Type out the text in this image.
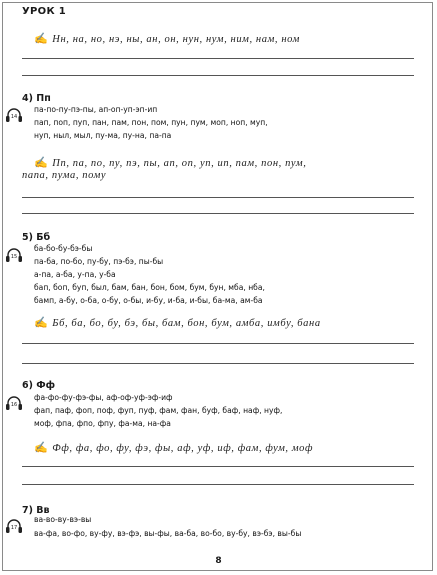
УРОК 1
✍ Нн, на, но, нэ, ны, ан, он, нун, нум, ним, нам, ном
4) Пп
14
па-по-пу-пэ-пы, ап-оп-уп-эп-ип
пап, поп, пуп, пан, пам, пон, пом, пун, пум, моп, ноп, муп,
нуп, ныл, мыл, пу-ма, пу-на, па-па
✍ Пп, па, по, пу, пэ, пы, ап, оп, уп, ип, пам, пон, пум,
папа, пума, пому
5) Бб
15
ба-бо-бу-бэ-бы
па-ба, по-бо, пу-бу, пэ-бэ, пы-бы
а-па, а-ба, у-па, у-ба
бап, боп, буп, был, бам, бан, бон, бом, бум, бун, мба, нба,
бамп, а-бу, о-ба, о-бу, о-бы, и-бу, и-ба, и-бы, ба-ма, ам-ба
✍ Бб, ба, бо, бу, бэ, бы, бам, бон, бум, амба, имбу, бана
6) Фф
16
фа-фо-фу-фэ-фы, аф-оф-уф-эф-иф
фап, паф, фоп, поф, фуп, пуф, фам, фан, буф, баф, наф, нуф,
моф, фпа, фпо, фпу, фа-ма, на-фа
✍ Фф, фа, фо, фу, фэ, фы, аф, уф, иф, фам, фум, моф
7) Вв
17
ва-во-ву-вэ-вы
ва-фа, во-фо, ву-фу, вэ-фэ, вы-фы, ва-ба, во-бо, ву-бу, вэ-бэ, вы-бы
8
